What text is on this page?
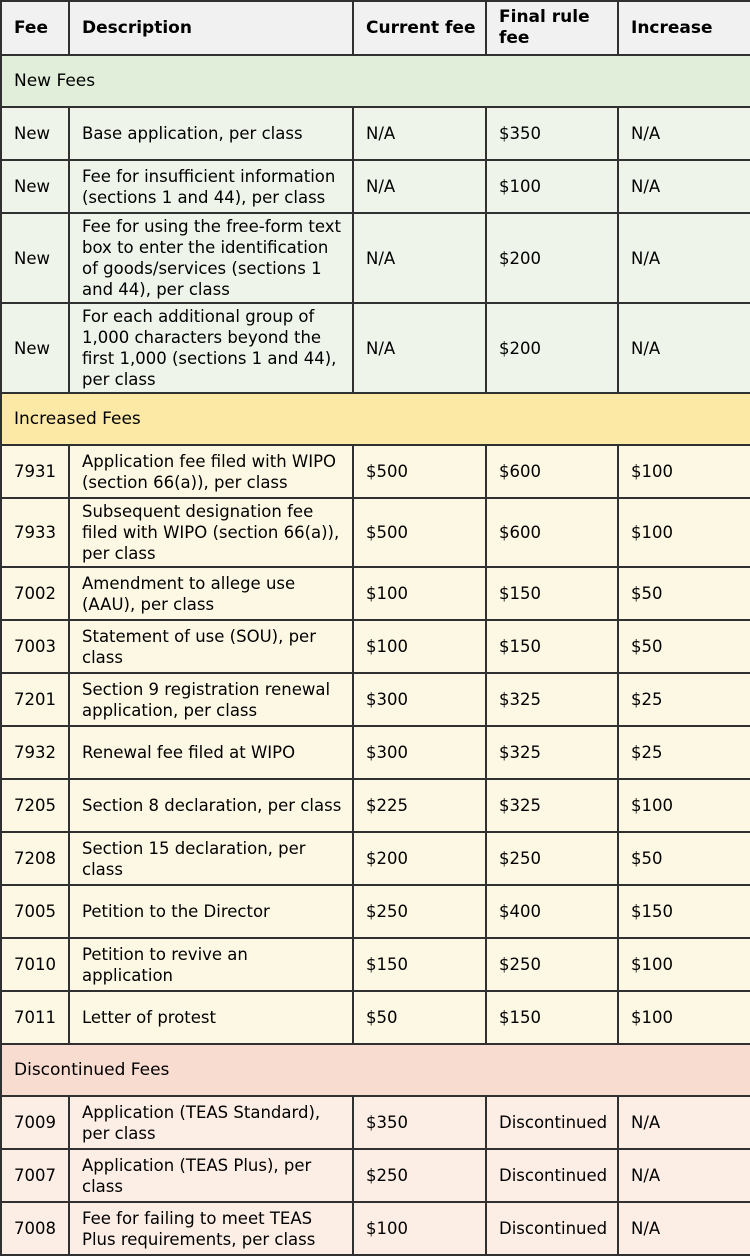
Fee	Description	Current fee	Final rule fee	Increase
New Fees				
New	Base application, per class	N/A	$350	N/A
New	Fee for insufficient information (sections 1 and 44), per class	N/A	$100	N/A
New	Fee for using the free-form text box to enter the identification of goods/services (sections 1 and 44), per class	N/A	$200	N/A
New	For each additional group of 1,000 characters beyond the first 1,000 (sections 1 and 44), per class	N/A	$200	N/A
Increased Fees				
7931	Application fee filed with WIPO (section 66(a)), per class	$500	$600	$100
7933	Subsequent designation fee filed with WIPO (section 66(a)), per class	$500	$600	$100
7002	Amendment to allege use (AAU), per class	$100	$150	$50
7003	Statement of use (SOU), per class	$100	$150	$50
7201	Section 9 registration renewal application, per class	$300	$325	$25
7932	Renewal fee filed at WIPO	$300	$325	$25
7205	Section 8 declaration, per class	$225	$325	$100
7208	Section 15 declaration, per class	$200	$250	$50
7005	Petition to the Director	$250	$400	$150
7010	Petition to revive an application	$150	$250	$100
7011	Letter of protest	$50	$150	$100
Discontinued Fees				
7009	Application (TEAS Standard), per class	$350	Discontinued	N/A
7007	Application (TEAS Plus), per class	$250	Discontinued	N/A
7008	Fee for failing to meet TEAS Plus requirements, per class	$100	Discontinued	N/A
